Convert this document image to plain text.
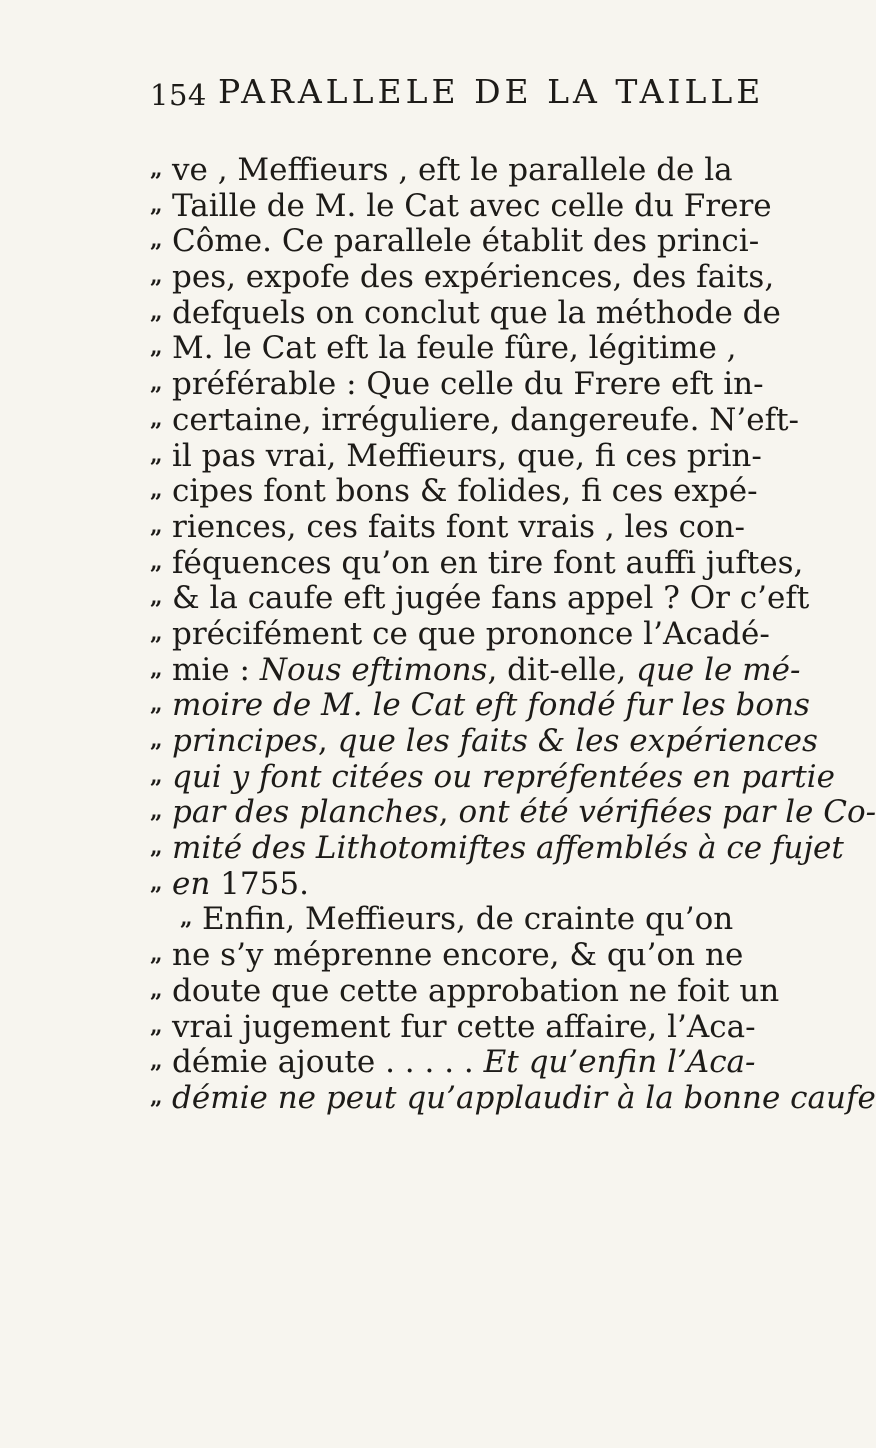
154 PARALLELE DE LA TAILLE
„ ve , Meffieurs , eft le parallele de la
„ Taille de M. le Cat avec celle du Frere
„ Côme. Ce parallele établit des princi-
„ pes, expofe des expériences, des faits,
„ defquels on conclut que la méthode de
„ M. le Cat eft la feule fûre, légitime ,
„ préférable : Que celle du Frere eft in-
„ certaine, irréguliere, dangereufe. N’eft-
„ il pas vrai, Meffieurs, que, fi ces prin-
„ cipes font bons & folides, fi ces expé-
„ riences, ces faits font vrais , les con-
„ féquences qu’on en tire font auffi juftes,
„ & la caufe eft jugée fans appel ? Or c’eft
„ précifément ce que prononce l’Acadé-
„ mie : Nous eftimons, dit-elle, que le mé-
„ moire de M. le Cat eft fondé fur les bons
„ principes, que les faits & les expériences
„ qui y font citées ou repréfentées en partie
„ par des planches, ont été vérifiées par le Co-
„ mité des Lithotomiftes affemblés à ce fujet
„ en 1755.
„ Enfin, Meffieurs, de crainte qu’on
„ ne s’y méprenne encore, & qu’on ne
„ doute que cette approbation ne foit un
„ vrai jugement fur cette affaire, l’Aca-
„ démie ajoute . . . . . Et qu’enfin l’Aca-
„ démie ne peut qu’applaudir à la bonne caufe
